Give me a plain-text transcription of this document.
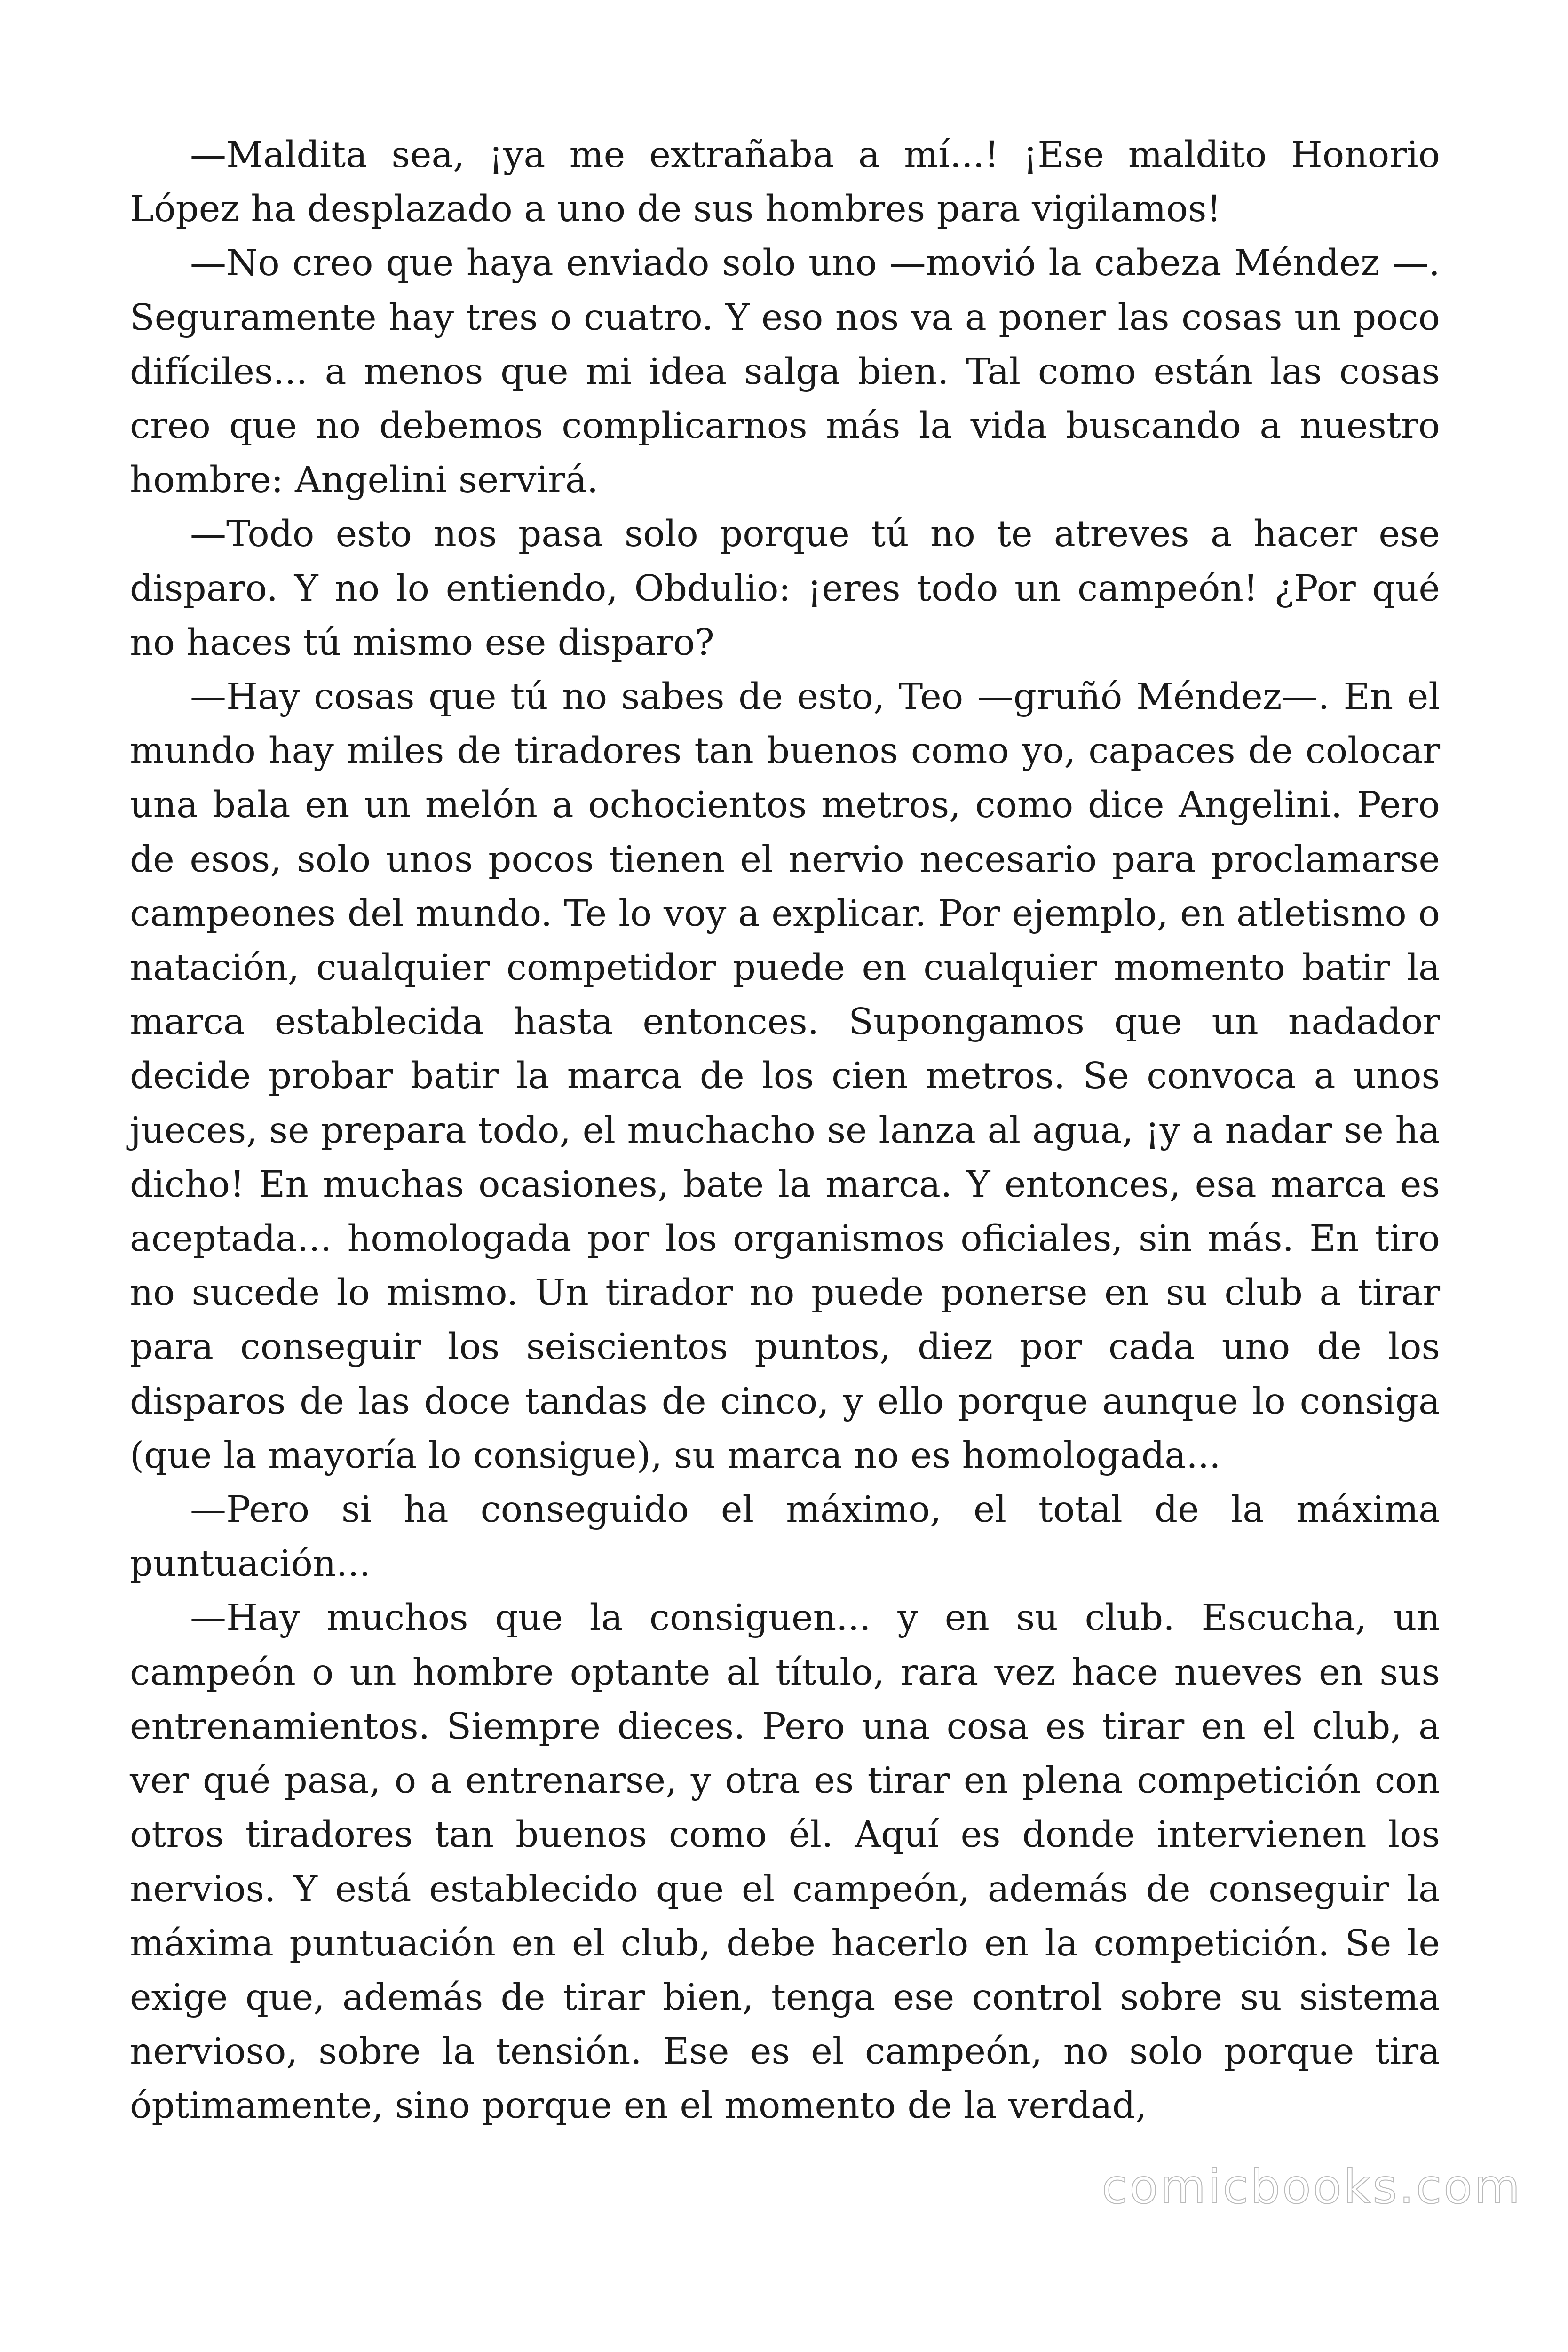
—Maldita sea, ¡ya me extrañaba a mí...! ¡Ese maldito Honorio López ha desplazado a uno de sus hombres para vigilamos!

—No creo que haya enviado solo uno —movió la cabeza Méndez —. Seguramente hay tres o cuatro. Y eso nos va a poner las cosas un poco difíciles... a menos que mi idea salga bien. Tal como están las cosas creo que no debemos complicarnos más la vida buscando a nuestro hombre: Angelini servirá.

—Todo esto nos pasa solo porque tú no te atreves a hacer ese disparo. Y no lo entiendo, Obdulio: ¡eres todo un campeón! ¿Por qué no haces tú mismo ese disparo?

—Hay cosas que tú no sabes de esto, Teo —gruñó Méndez—. En el mundo hay miles de tiradores tan buenos como yo, capaces de colocar una bala en un melón a ochocientos metros, como dice Angelini. Pero de esos, solo unos pocos tienen el nervio necesario para proclamarse campeones del mundo. Te lo voy a explicar. Por ejemplo, en atletismo o natación, cualquier competidor puede en cualquier momento batir la marca establecida hasta entonces. Supongamos que un nadador decide probar batir la marca de los cien metros. Se convoca a unos jueces, se prepara todo, el muchacho se lanza al agua, ¡y a nadar se ha dicho! En muchas ocasiones, bate la marca. Y entonces, esa marca es aceptada... homologada por los organismos oficiales, sin más. En tiro no sucede lo mismo. Un tirador no puede ponerse en su club a tirar para conseguir los seiscientos puntos, diez por cada uno de los disparos de las doce tandas de cinco, y ello porque aunque lo consiga (que la mayoría lo consigue), su marca no es homologada...

—Pero si ha conseguido el máximo, el total de la máxima puntuación...

—Hay muchos que la consiguen... y en su club. Escucha, un campeón o un hombre optante al título, rara vez hace nueves en sus entrenamientos. Siempre dieces. Pero una cosa es tirar en el club, a ver qué pasa, o a entrenarse, y otra es tirar en plena competición con otros tiradores tan buenos como él. Aquí es donde intervienen los nervios. Y está establecido que el campeón, además de conseguir la máxima puntuación en el club, debe hacerlo en la competición. Se le exige que, además de tirar bien, tenga ese control sobre su sistema nervioso, sobre la tensión. Ese es el campeón, no solo porque tira óptimamente, sino porque en el momento de la verdad,

comicbooks.com
